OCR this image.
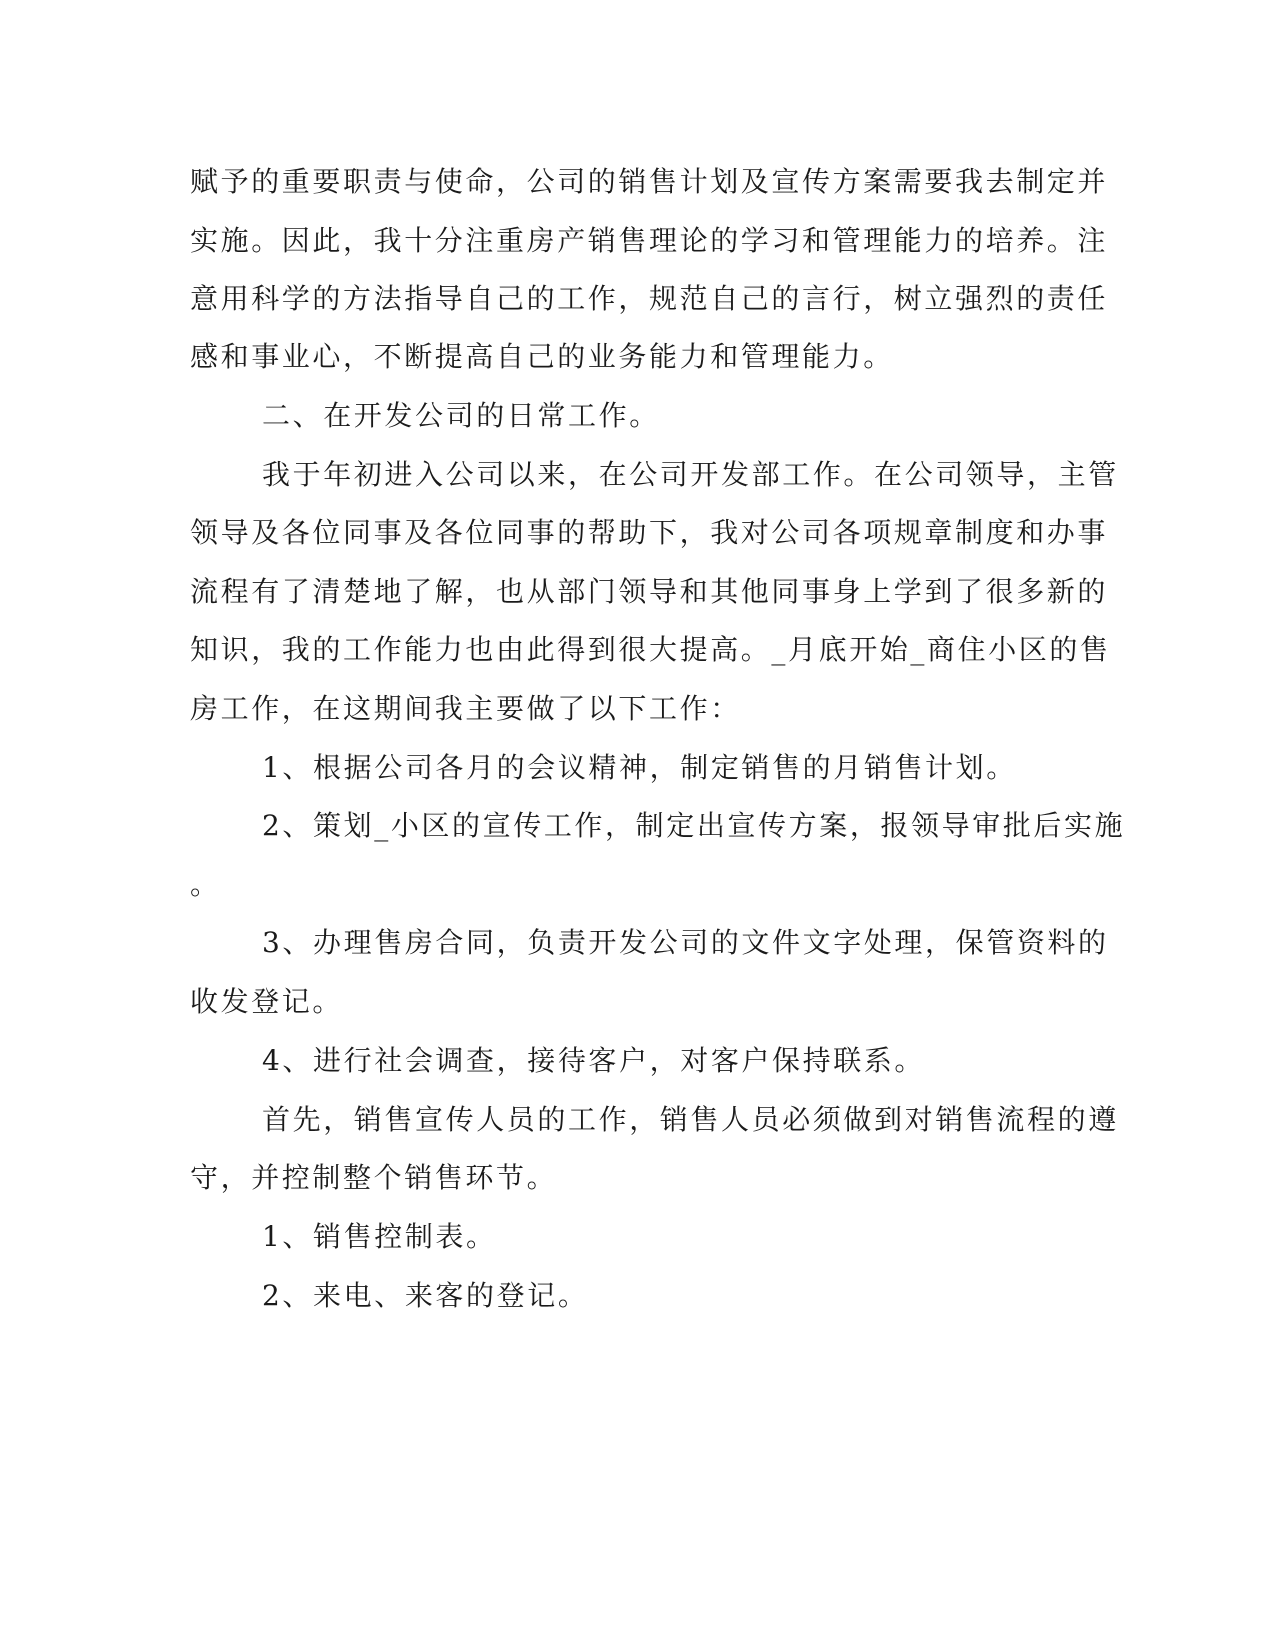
赋予的重要职责与使命，公司的销售计划及宣传方案需要我去制定并
实施。因此，我十分注重房产销售理论的学习和管理能力的培养。注
意用科学的方法指导自己的工作，规范自己的言行，树立强烈的责任
感和事业心，不断提高自己的业务能力和管理能力。
二、在开发公司的日常工作。
我于年初进入公司以来，在公司开发部工作。在公司领导，主管
领导及各位同事及各位同事的帮助下，我对公司各项规章制度和办事
流程有了清楚地了解，也从部门领导和其他同事身上学到了很多新的
知识，我的工作能力也由此得到很大提高。_月底开始_商住小区的售
房工作，在这期间我主要做了以下工作：
1、根据公司各月的会议精神，制定销售的月销售计划。
2、策划_小区的宣传工作，制定出宣传方案，报领导审批后实施
。
3、办理售房合同，负责开发公司的文件文字处理，保管资料的
收发登记。
4、进行社会调查，接待客户，对客户保持联系。
首先，销售宣传人员的工作，销售人员必须做到对销售流程的遵
守，并控制整个销售环节。
1、销售控制表。
2、来电、来客的登记。
